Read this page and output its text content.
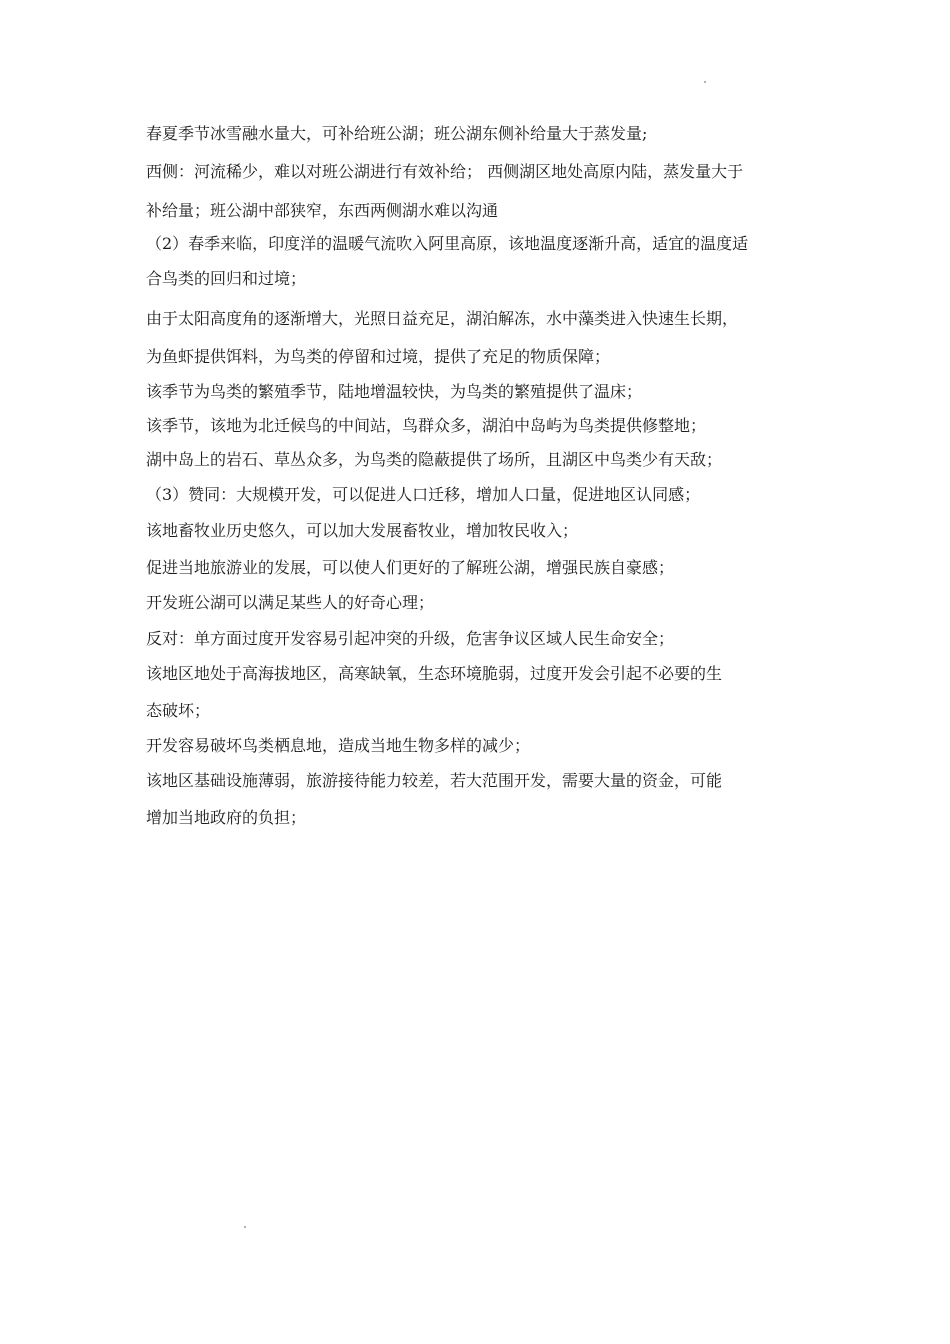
春夏季节冰雪融水量大，可补给班公湖；班公湖东侧补给量大于蒸发量;
西侧：河流稀少，难以对班公湖进行有效补给； 西侧湖区地处高原内陆，蒸发量大于
补给量；班公湖中部狭窄，东西两侧湖水难以沟通
（2）春季来临，印度洋的温暖气流吹入阿里高原，该地温度逐渐升高，适宜的温度适
合鸟类的回归和过境；
由于太阳高度角的逐渐增大，光照日益充足，湖泊解冻，水中藻类进入快速生长期，
为鱼虾提供饵料，为鸟类的停留和过境，提供了充足的物质保障；
该季节为鸟类的繁殖季节，陆地增温较快，为鸟类的繁殖提供了温床；
该季节，该地为北迁候鸟的中间站，鸟群众多，湖泊中岛屿为鸟类提供修整地；
湖中岛上的岩石、草丛众多，为鸟类的隐蔽提供了场所，且湖区中鸟类少有天敌；
（3）赞同：大规模开发，可以促进人口迁移，增加人口量，促进地区认同感；
该地畜牧业历史悠久，可以加大发展畜牧业，增加牧民收入；
促进当地旅游业的发展，可以使人们更好的了解班公湖，增强民族自豪感；
开发班公湖可以满足某些人的好奇心理；
反对：单方面过度开发容易引起冲突的升级，危害争议区域人民生命安全；
该地区地处于高海拔地区，高寒缺氧，生态环境脆弱，过度开发会引起不必要的生
态破坏；
开发容易破坏鸟类栖息地，造成当地生物多样的减少；
该地区基础设施薄弱，旅游接待能力较差，若大范围开发，需要大量的资金，可能
增加当地政府的负担；
